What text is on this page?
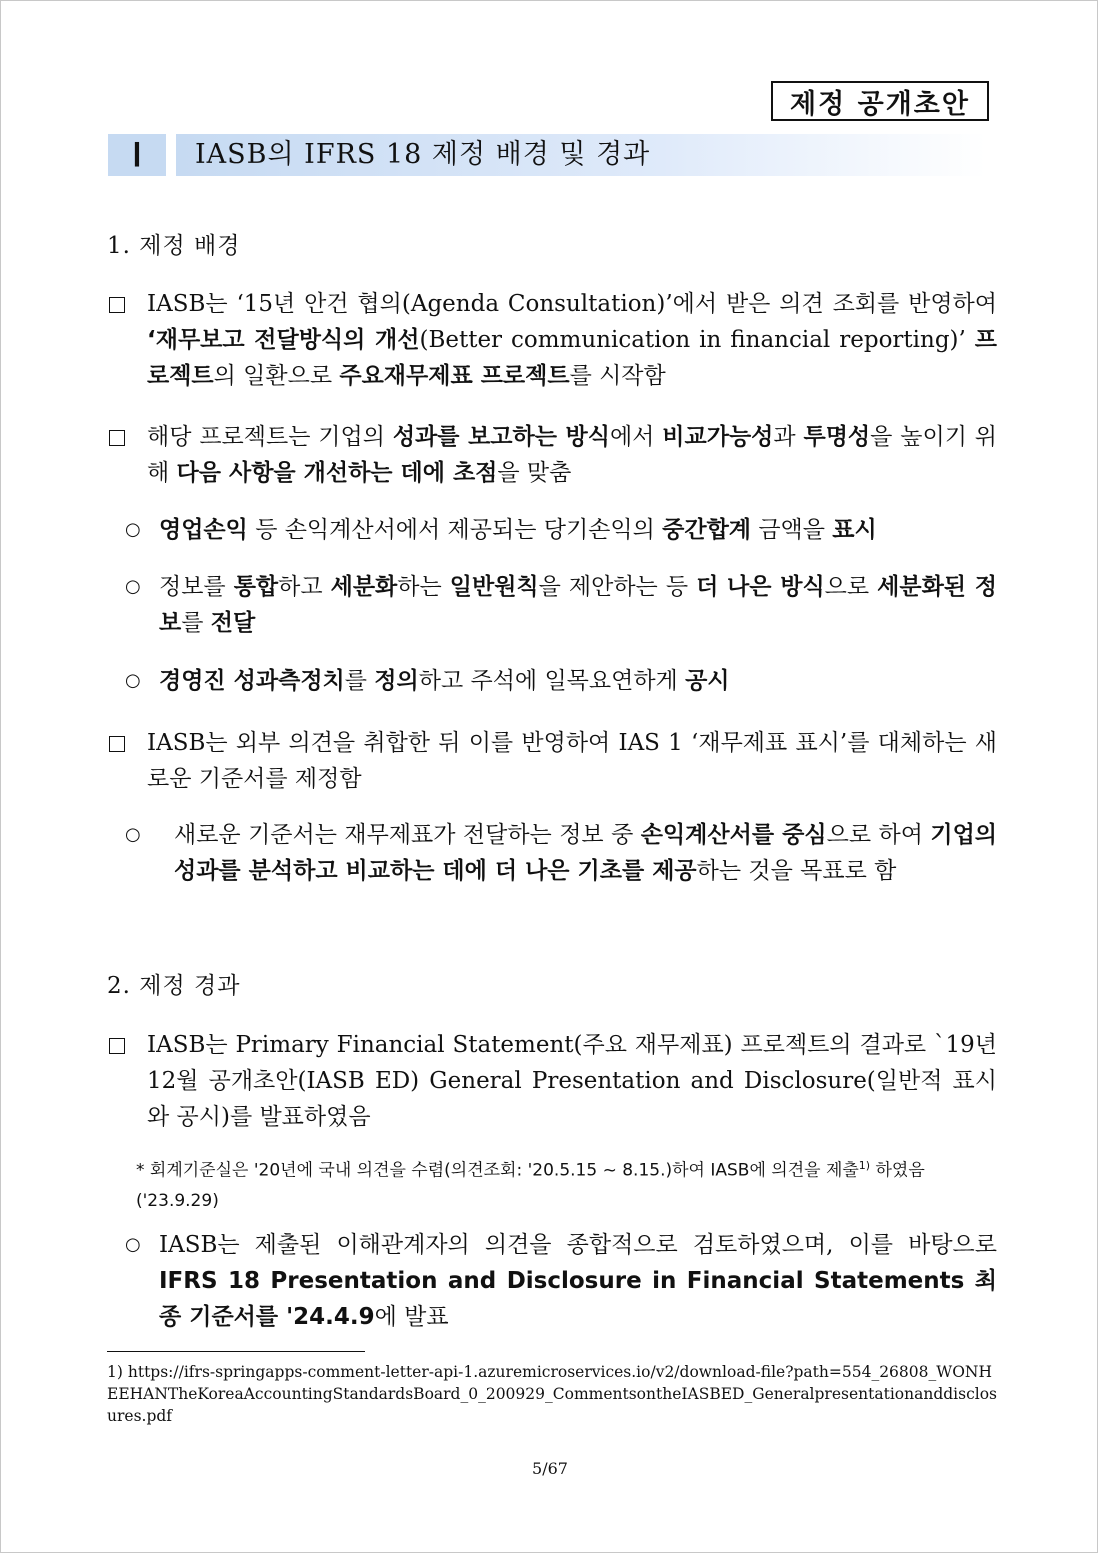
제정 공개초안
Ⅰ	IASB의 IFRS 18 제정 배경 및 경과
1. 제정 배경
IASB는 ‘15년 안건 협의(Agenda Consultation)’에서 받은 의견 조회를 반영하여 ‘재무보고 전달방식의 개선(Better communication in financial reporting)’ 프로젝트의 일환으로 주요재무제표 프로젝트를 시작함
해당 프로젝트는 기업의 성과를 보고하는 방식에서 비교가능성과 투명성을 높이기 위해 다음 사항을 개선하는 데에 초점을 맞춤
○ 영업손익 등 손익계산서에서 제공되는 당기손익의 중간합계 금액을 표시
○ 정보를 통합하고 세분화하는 일반원칙을 제안하는 등 더 나은 방식으로 세분화된 정보를 전달
○ 경영진 성과측정치를 정의하고 주석에 일목요연하게 공시
IASB는 외부 의견을 취합한 뒤 이를 반영하여 IAS 1 ‘재무제표 표시’를 대체하는 새로운 기준서를 제정함
○ 새로운 기준서는 재무제표가 전달하는 정보 중 손익계산서를 중심으로 하여 기업의 성과를 분석하고 비교하는 데에 더 나은 기초를 제공하는 것을 목표로 함
2. 제정 경과
IASB는 Primary Financial Statement(주요 재무제표) 프로젝트의 결과로 `19년 12월 공개초안(IASB ED) General Presentation and Disclosure(일반적 표시와 공시)를 발표하였음
* 회계기준실은 '20년에 국내 의견을 수렴(의견조회: '20.5.15 ~ 8.15.)하여 IASB에 의견을 제출$^{1)}$ 하였음('23.9.29)
○ IASB는 제출된 이해관계자의 의견을 종합적으로 검토하였으며, 이를 바탕으로 IFRS 18 Presentation and Disclosure in Financial Statements 최종 기준서를 '24.4.9에 발표
1) https://ifrs-springapps-comment-letter-api-1.azuremicroservices.io/v2/download-file?path=554_26808_WONHEEHANTheKoreaAccountingStandardsBoard_0_200929_CommentsontheIASBED_Generalpresentationanddisclosures.pdf
5/67
